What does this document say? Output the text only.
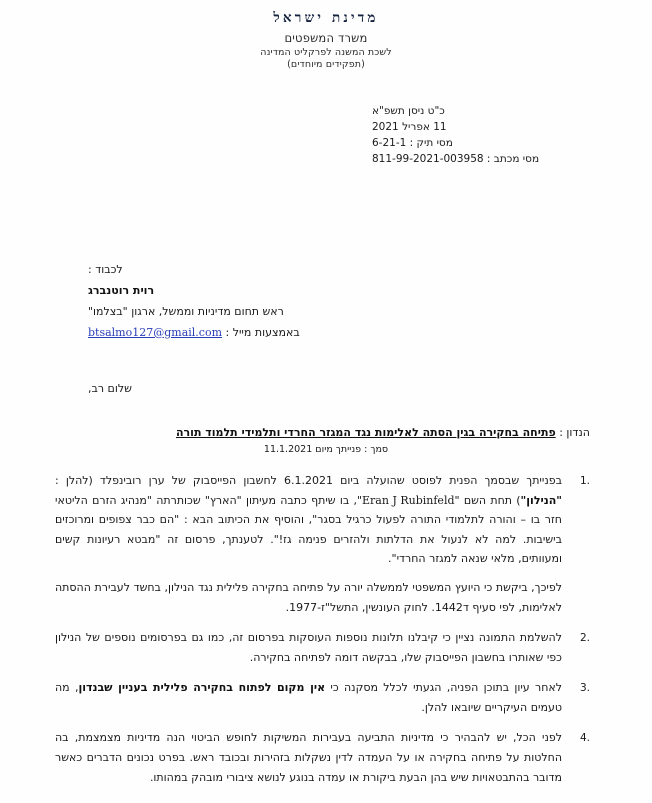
מדינת ישראל
משרד המשפטים
לשכת המשנה לפרקליט המדינה
(תפקידים מיוחדים)
כ"ט ניסן תשפ"א
11 אפריל 2021
מסי תיק : 6-21-1
מסי מכתב : 811-99-2021-003958
לכבוד :
רוית רוטנברג
ראש תחום מדיניות וממשל, ארגון "בצלמו"
באמצעות מייל : btsalmo127@gmail.com
שלום רב,
הנדון : פתיחה בחקירה בגין הסתה לאלימות נגד המגזר החרדי ותלמידי תלמוד תורה
סמך : פנייתך מיום 11.1.2021
1.
בפנייתך שבסמך הפנית לפוסט שהועלה ביום 6.1.2021 לחשבון הפייסבוק של ערן רובינפלד (להלן : "הנילון") תחת השם "Eran J Rubinfeld", בו שיתף כתבה מעיתון "הארץ" שכותרתה "מנהיג הזרם הליטאי חזר בו – והורה לתלמודי התורה לפעול כרגיל בסגר", והוסיף את הכיתוב הבא : "הם כבר צפופים ומרוכזים בישיבות. למה לא לנעול את הדלתות ולהזרים פנימה גז!". לטענתך, פרסום זה "מבטא רעיונות קשים ומעוותים, מלאי שנאה למגזר החרדי".
לפיכך, ביקשת כי היועץ המשפטי לממשלה יורה על פתיחה בחקירה פלילית נגד הנילון, בחשד לעבירת ההסתה לאלימות, לפי סעיף 144ד2. לחוק העונשין, התשל"ז-1977.
2.
להשלמת התמונה נציין כי קיבלנו תלונות נוספות העוסקות בפרסום זה, כמו גם בפרסומים נוספים של הנילון כפי שאותרו בחשבון הפייסבוק שלו, בבקשה דומה לפתיחה בחקירה.
3.
לאחר עיון בתוכן הפניה, הגעתי לכלל מסקנה כי אין מקום לפתוח בחקירה פלילית בעניין שבנדון, מה טעמים העיקריים שיובאו להלן.
4.
לפני הכל, יש להבהיר כי מדיניות התביעה בעבירות המשיקות לחופש הביטוי הנה מדיניות מצמצמת, בה החלטות על פתיחה בחקירה או על העמדה לדין נשקלות בזהירות ובכובד ראש. בפרט נכונים הדברים כאשר מדובר בהתבטאויות שיש בהן הבעת ביקורת או עמדה בנוגע לנושא ציבורי מובהק במהותו.
